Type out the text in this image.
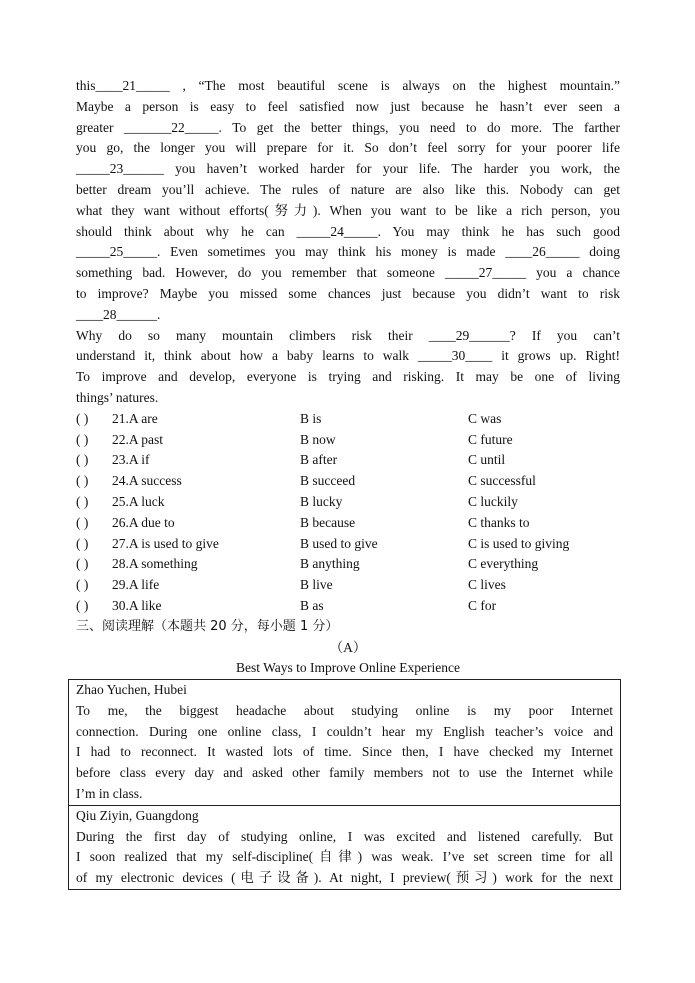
this____21_____ , “The most beautiful scene is always on the highest mountain.”
Maybe a person is easy to feel satisfied now just because he hasn’t ever seen a
greater _______22_____. To get the better things, you need to do more. The farther
you go, the longer you will prepare for it. So don’t feel sorry for your poorer life
_____23______ you haven’t worked harder for your life. The harder you work, the
better dream you’ll achieve. The rules of nature are also like this. Nobody can get
what they want without efforts(努力). When you want to be like a rich person, you
should think about why he can _____24_____. You may think he has such good
_____25_____. Even sometimes you may think his money is made ____26_____ doing
something bad. However, do you remember that someone _____27_____ you a chance
to improve? Maybe you missed some chances just because you didn’t want to risk
____28______.
Why do so many mountain climbers risk their ____29______? If you can’t
understand it, think about how a baby learns to walk _____30____ it grows up. Right!
To improve and develop, everyone is trying and risking. It may be one of living
things’ natures.
( ) 21.A are	B is	C was
( ) 22.A past	B now	C future
( ) 23.A if	B after	C until
( ) 24.A success	B succeed	C successful
( ) 25.A luck	B lucky	C luckily
( ) 26.A due to	B because	C thanks to
( ) 27.A is used to give	B used to give	C is used to giving
( ) 28.A something	B anything	C everything
( ) 29.A life	B live	C lives
( ) 30.A like	B as	C for
三、阅读理解（本题共 20 分，每小题 1 分）
（A）
Best Ways to Improve Online Experience
Zhao Yuchen, Hubei
To me, the biggest headache about studying online is my poor Internet
connection. During one online class, I couldn’t hear my English teacher’s voice and
I had to reconnect. It wasted lots of time. Since then, I have checked my Internet
before class every day and asked other family members not to use the Internet while
I’m in class.

Qiu Ziyin, Guangdong
During the first day of studying online, I was excited and listened carefully. But
I soon realized that my self-discipline(自律) was weak. I’ve set screen time for all
of my electronic devices (电子设备). At night, I preview(预习) work for the next
